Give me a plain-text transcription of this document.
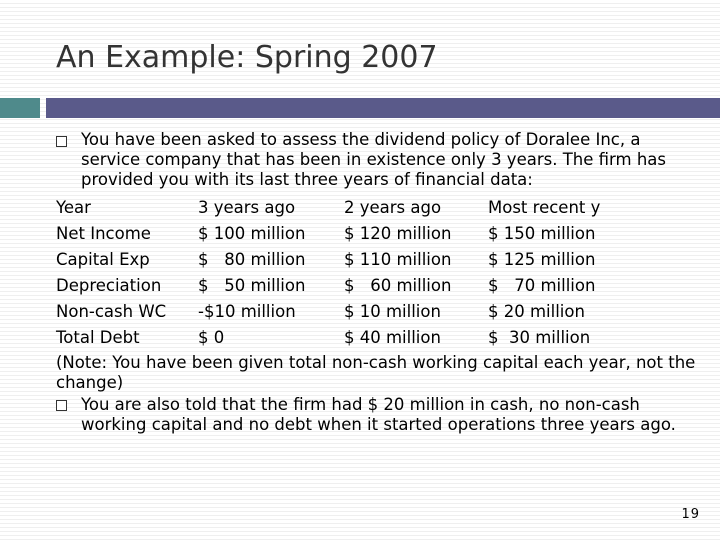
An Example: Spring 2007

You have been asked to assess the dividend policy of Doralee Inc, a service company that has been in existence only 3 years. The firm has provided you with its last three years of financial data:

Year	3 years ago	2 years ago	Most recent y
Net Income	$ 100 million	$ 120 million	$ 150 million
Capital Exp	$   80 million	$ 110 million	$ 125 million
Depreciation	$   50 million	$   60 million	$   70 million
Non-cash WC	-$10 million	$ 10 million	$ 20 million
Total Debt	$ 0	$ 40 million	$  30 million

(Note: You have been given total non-cash working capital each year, not the change)

You are also told that the firm had $ 20 million in cash, no non-cash working capital and no debt when it started operations three years ago.

19
